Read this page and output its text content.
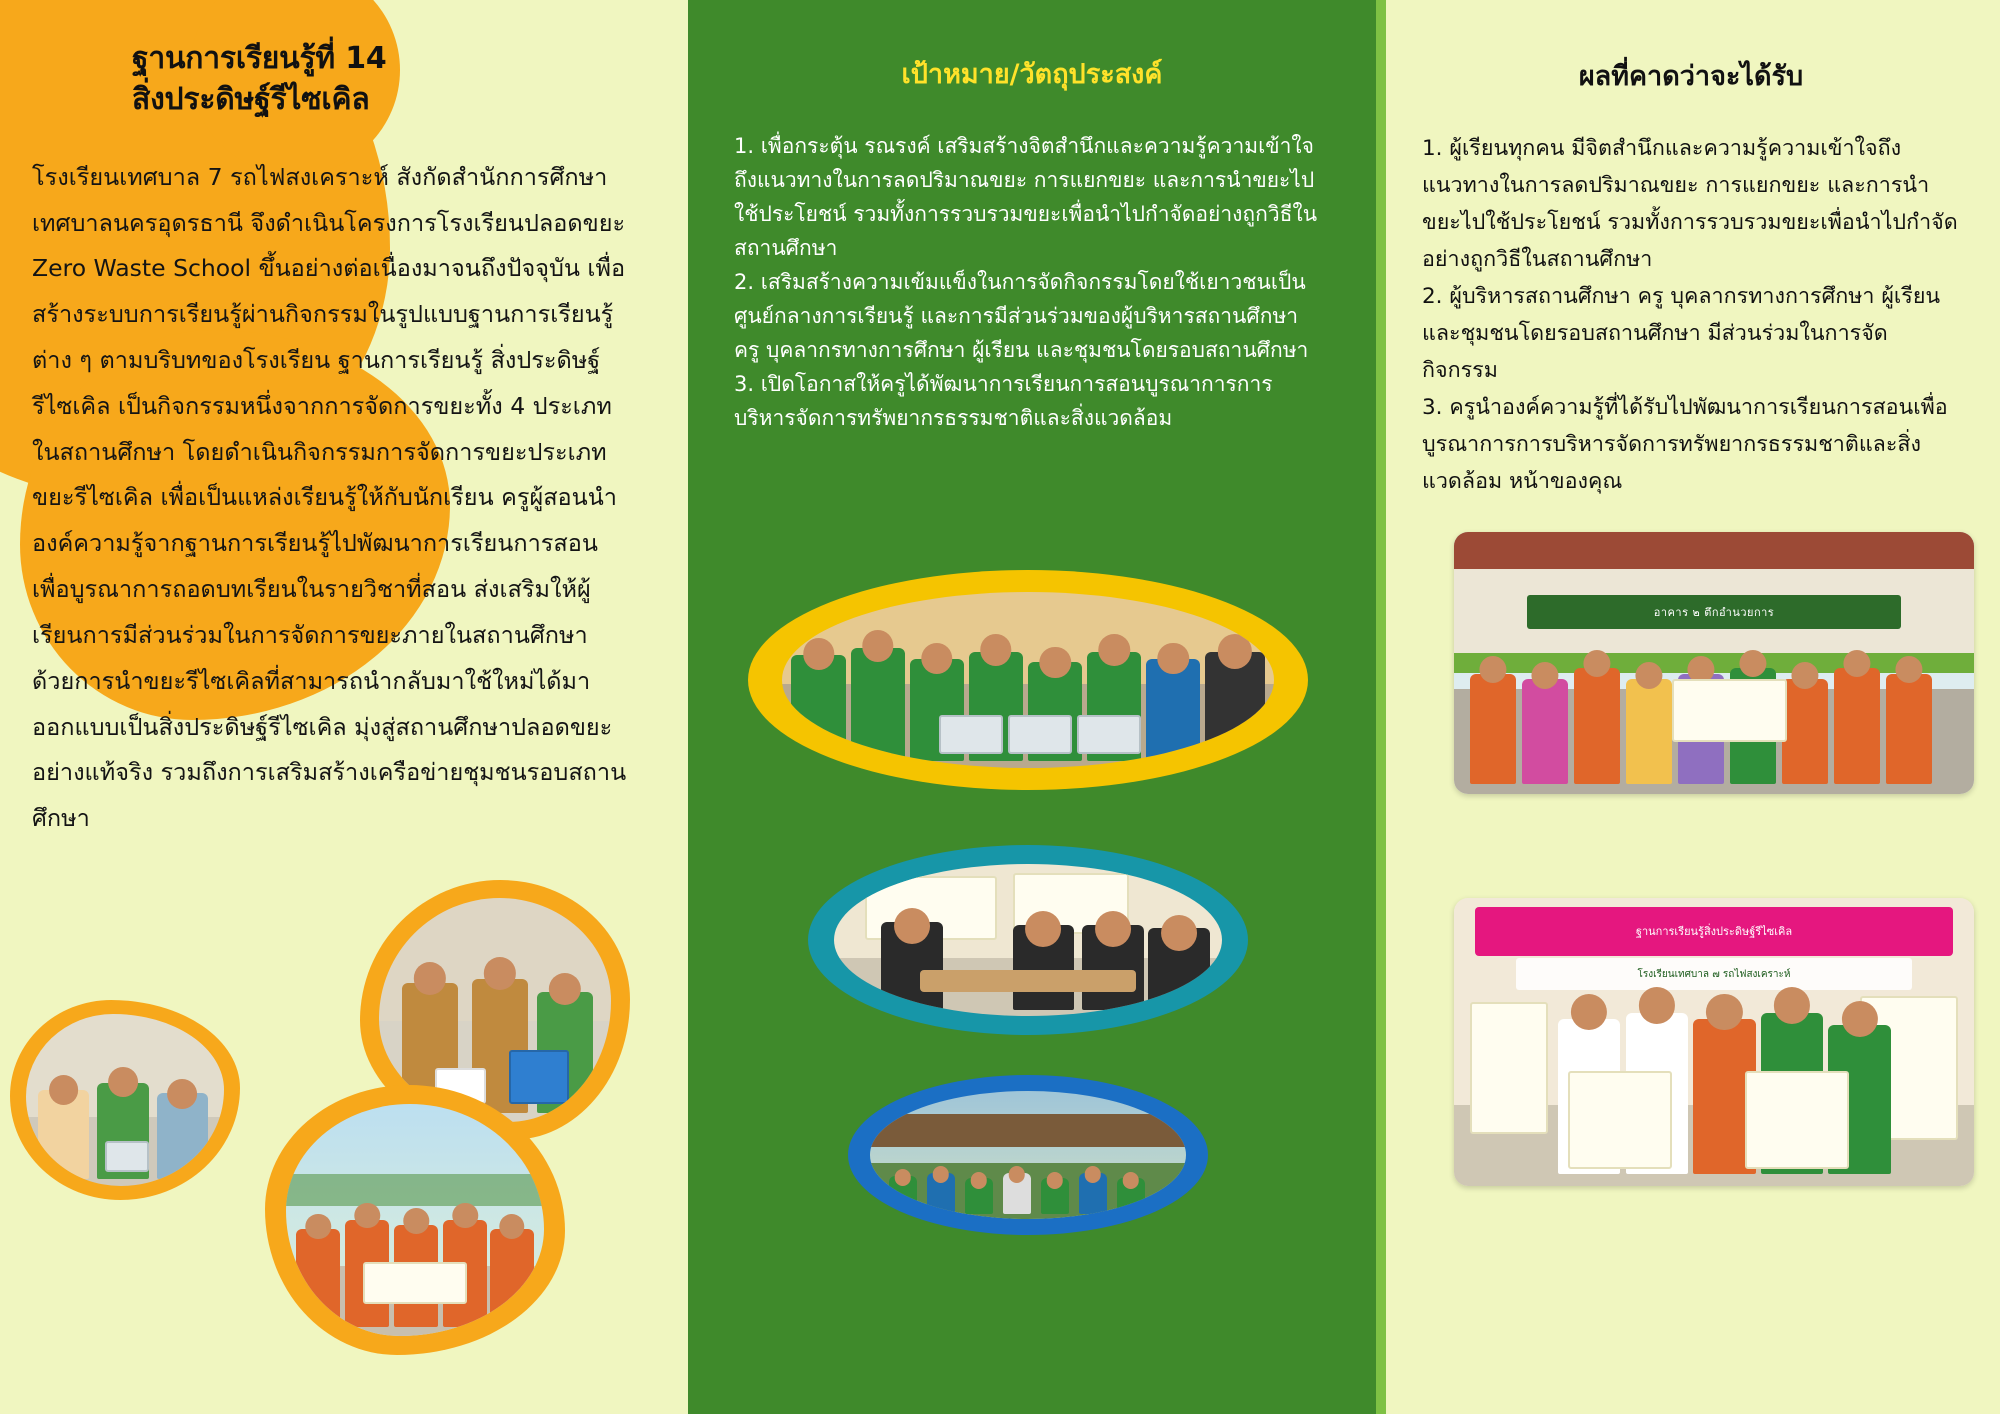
ฐานการเรียนรู้ที่ 14
สิ่งประดิษฐ์รีไซเคิล

โรงเรียนเทศบาล 7 รถไฟสงเคราะห์ สังกัดสำนักการศึกษา เทศบาลนครอุดรธานี จึงดำเนินโครงการโรงเรียนปลอดขยะ Zero Waste School ขึ้นอย่างต่อเนื่องมาจนถึงปัจจุบัน เพื่อสร้างระบบการเรียนรู้ผ่านกิจกรรมในรูปแบบฐานการเรียนรู้ต่าง ๆ ตามบริบทของโรงเรียน ฐานการเรียนรู้ สิ่งประดิษฐ์รีไซเคิล เป็นกิจกรรมหนึ่งจากการจัดการขยะทั้ง 4 ประเภท ในสถานศึกษา โดยดำเนินกิจกรรมการจัดการขยะประเภทขยะรีไซเคิล เพื่อเป็นแหล่งเรียนรู้ให้กับนักเรียน ครูผู้สอนนำองค์ความรู้จากฐานการเรียนรู้ไปพัฒนาการเรียนการสอนเพื่อบูรณาการถอดบทเรียนในรายวิชาที่สอน ส่งเสริมให้ผู้เรียนการมีส่วนร่วมในการจัดการขยะภายในสถานศึกษา ด้วยการนำขยะรีไซเคิลที่สามารถนำกลับมาใช้ใหม่ได้มาออกแบบเป็นสิ่งประดิษฐ์รีไซเคิล มุ่งสู่สถานศึกษาปลอดขยะอย่างแท้จริง รวมถึงการเสริมสร้างเครือข่ายชุมชนรอบสถานศึกษา

เป้าหมาย/วัตถุประสงค์

1. เพื่อกระตุ้น รณรงค์ เสริมสร้างจิตสำนึกและความรู้ความเข้าใจถึงแนวทางในการลดปริมาณขยะ การแยกขยะ และการนำขยะไปใช้ประโยชน์ รวมทั้งการรวบรวมขยะเพื่อนำไปกำจัดอย่างถูกวิธีในสถานศึกษา

2. เสริมสร้างความเข้มแข็งในการจัดกิจกรรมโดยใช้เยาวชนเป็นศูนย์กลางการเรียนรู้ และการมีส่วนร่วมของผู้บริหารสถานศึกษา ครู บุคลากรทางการศึกษา ผู้เรียน และชุมชนโดยรอบสถานศึกษา

3. เปิดโอกาสให้ครูได้พัฒนาการเรียนการสอนบูรณาการการบริหารจัดการทรัพยากรธรรมชาติและสิ่งแวดล้อม

ผลที่คาดว่าจะได้รับ

1. ผู้เรียนทุกคน มีจิตสำนึกและความรู้ความเข้าใจถึงแนวทางในการลดปริมาณขยะ การแยกขยะ และการนำขยะไปใช้ประโยชน์ รวมทั้งการรวบรวมขยะเพื่อนำไปกำจัดอย่างถูกวิธีในสถานศึกษา

2. ผู้บริหารสถานศึกษา ครู บุคลากรทางการศึกษา ผู้เรียน และชุมชนโดยรอบสถานศึกษา มีส่วนร่วมในการจัดกิจกรรม

3. ครูนำองค์ความรู้ที่ได้รับไปพัฒนาการเรียนการสอนเพื่อบูรณาการการบริหารจัดการทรัพยากรธรรมชาติและสิ่งแวดล้อม หน้าของคุณ

อาคาร ๒ ตึกอำนวยการ
ฐานการเรียนรู้สิ่งประดิษฐ์รีไซเคิล
โรงเรียนเทศบาล ๗ รถไฟสงเคราะห์
